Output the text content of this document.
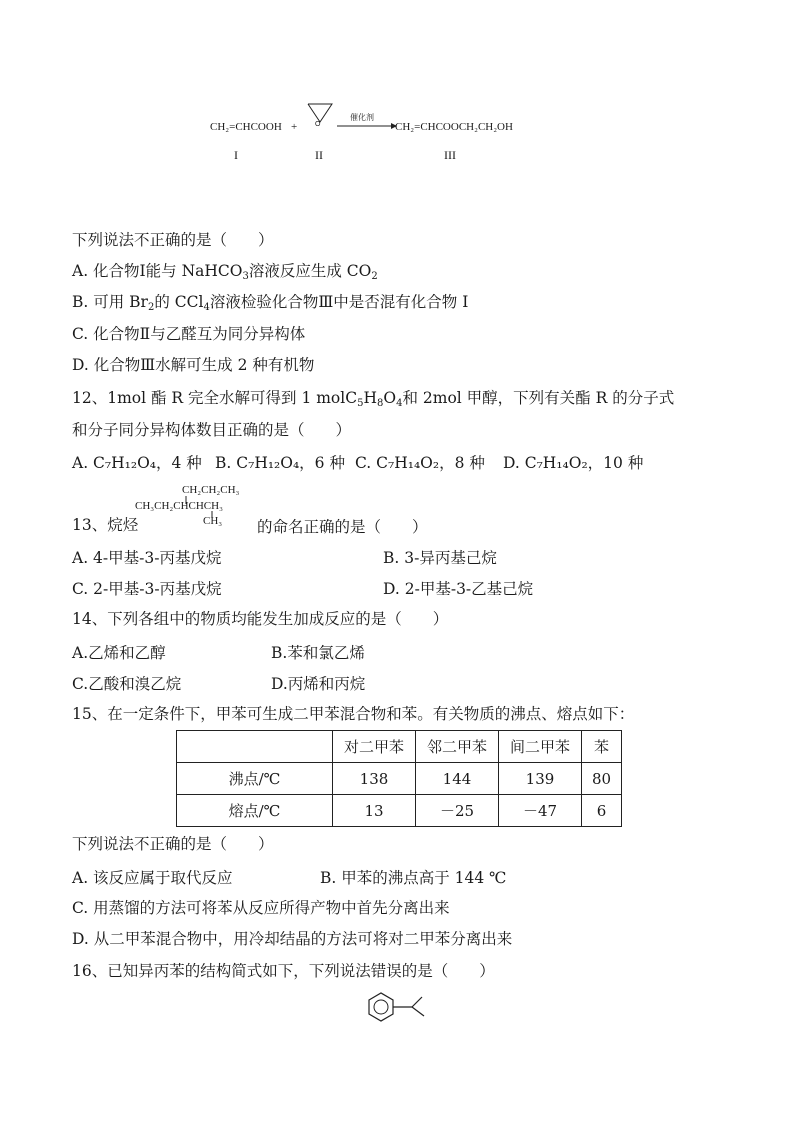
CH₂=CHCOOH +	O
催化剂
CH₂=CHCOOCH₂CH₂OH
I	II	III
下列说法不正确的是（　　）
A. 化合物Ⅰ能与 NaHCO$_3$溶液反应生成 $CO_2$
B. 可用 $Br_2$的 CCl$_4$溶液检验化合物Ⅲ中是否混有化合物 I
C. 化合物Ⅱ与乙醛互为同分异构体
D. 化合物Ⅲ水解可生成 2 种有机物
12、1mol 酯 R 完全水解可得到 1 $molC_5H_8O_4$和 2mol 甲醇，下列有关酯 R 的分子式
和分子同分异构体数目正确的是（　　）
A. C₇H₁₂O₄，4 种 B. C₇H₁₂O₄，6 种 C. C₇H₁₄O₂，8 种 D. C₇H₁₄O₂，10 种
CH₂CH₂CH₃
CH₃CH₂CHCHCH₃
CH₃
13、烷烃	的命名正确的是（　　）
A. 4-甲基-3-丙基戊烷	B. 3-异丙基己烷
C. 2-甲基-3-丙基戊烷	D. 2-甲基-3-乙基己烷
14、下列各组中的物质均能发生加成反应的是（　　）
A.乙烯和乙醇	B.苯和氯乙烯
C.乙酸和溴乙烷	D.丙烯和丙烷
15、在一定条件下，甲苯可生成二甲苯混合物和苯。有关物质的沸点、熔点如下：
	对二甲苯	邻二甲苯	间二甲苯	苯
沸点/℃	138	144	139	80
熔点/℃	13	－25	－47	6
下列说法不正确的是（　　）
A. 该反应属于取代反应	B. 甲苯的沸点高于 144 ℃
C. 用蒸馏的方法可将苯从反应所得产物中首先分离出来
D. 从二甲苯混合物中，用冷却结晶的方法可将对二甲苯分离出来
16、已知异丙苯的结构简式如下，下列说法错误的是（　　）
